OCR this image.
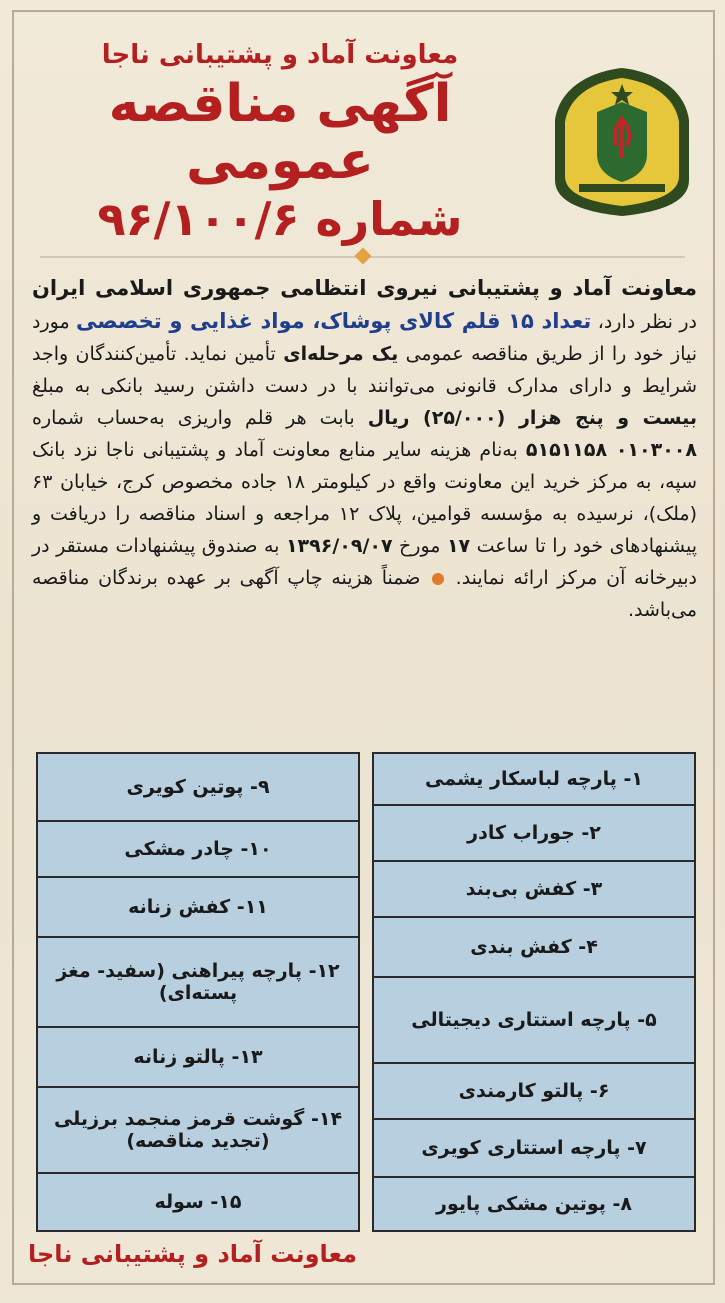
معاونت آماد و پشتیبانی ناجا
آگهی مناقصه عمومی
شماره ۹۶/۱۰۰/۶
معاونت آماد و پشتیبانی نیروی انتظامی جمهوری اسلامی ایران در نظر دارد، تعداد ۱۵ قلم کالای پوشاک، مواد غذایی و تخصصی مورد نیاز خود را از طریق مناقصه عمومی یک مرحله‌ای تأمین نماید. تأمین‌کنندگان واجد شرایط و دارای مدارک قانونی می‌توانند با در دست داشتن رسید بانکی به مبلغ بیست و پنج هزار (۲۵/۰۰۰) ریال بابت هر قلم واریزی به‌حساب شماره ۰۱۰۳۰۰۸ ۵۱۵۱۱۵۸ به‌نام هزینه سایر منابع معاونت آماد و پشتیبانی ناجا نزد بانک سپه، به مرکز خرید این معاونت واقع در کیلومتر ۱۸ جاده مخصوص کرج، خیابان ۶۳ (ملک)، نرسیده به مؤسسه قوامین، پلاک ۱۲ مراجعه و اسناد مناقصه را دریافت و پیشنهادهای خود را تا ساعت ۱۷ مورخ ۱۳۹۶/۰۹/۰۷ به صندوق پیشنهادات مستقر در دبیرخانه آن مرکز ارائه نمایند.  ضمناً هزینه چاپ آگهی بر عهده برندگان مناقصه می‌باشد.
۱- پارچه لباسکار یشمی
۲- جوراب کادر
۳- کفش بی‌بند
۴- کفش بندی
۵- پارچه استتاری دیجیتالی
۶- پالتو کارمندی
۷- پارچه استتاری کویری
۸- پوتین مشکی پایور
۹- پوتین کویری
۱۰- چادر مشکی
۱۱- کفش زنانه
۱۲- پارچه پیراهنی (سفید- مغز پسته‌ای)
۱۳- پالتو زنانه
۱۴- گوشت قرمز منجمد برزیلی (تجدید مناقصه)
۱۵- سوله
معاونت آماد و پشتیبانی ناجا
